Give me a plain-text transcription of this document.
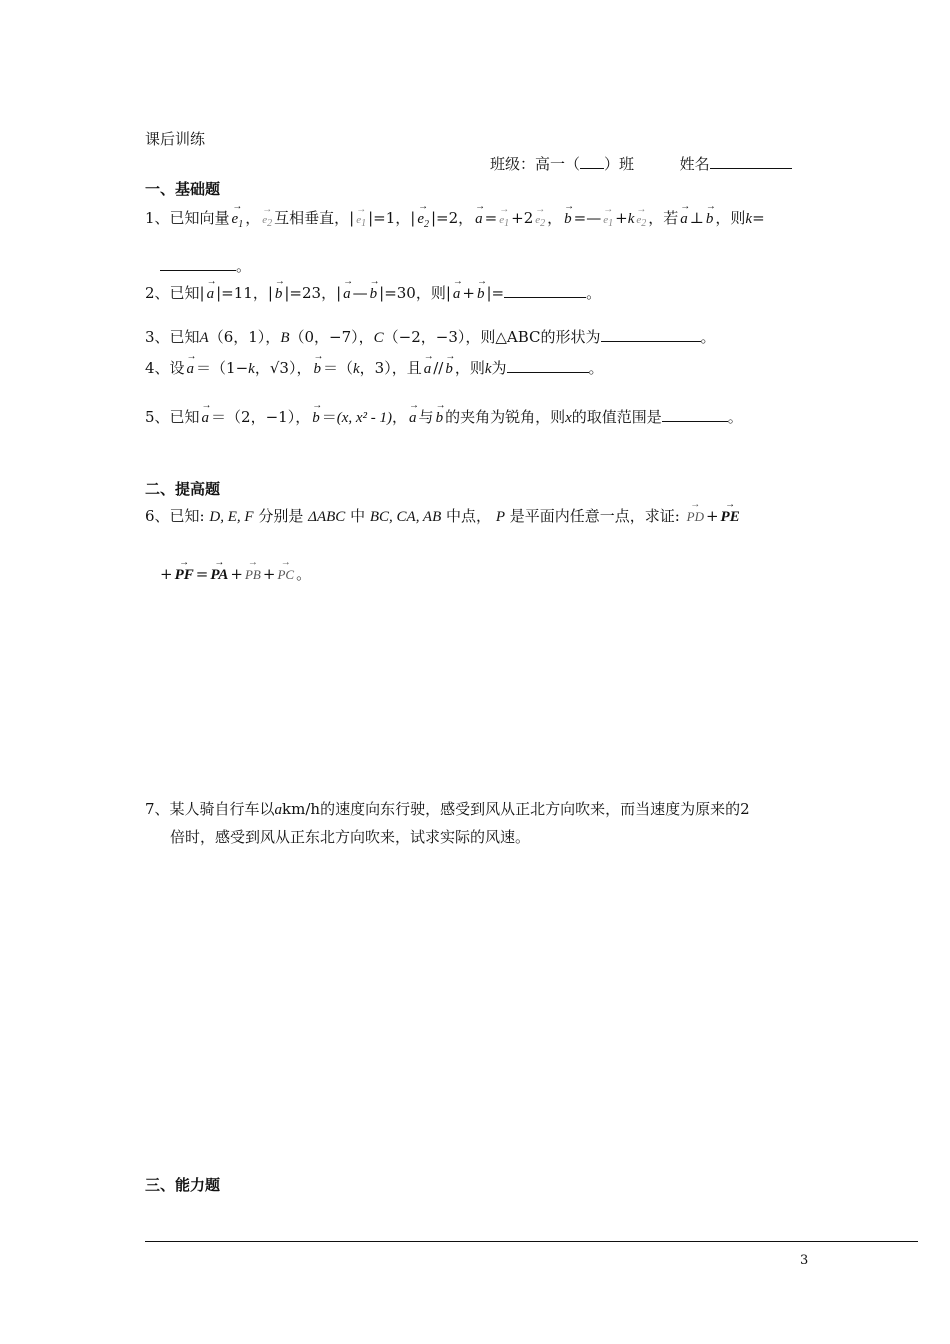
课后训练
班级：高一（ ）班	姓名
一、基础题
1、已知向量 → $e_1$ ， → e2 互相垂直，| → e1 |=1，| → $e_2$ |=2， → a = → e1 +2 → e2 ， → b =— → e1 +k → e2 ，若 → a ⊥ → b ，则k=
。
2、已知| → a |=11，| → b |=23，| → a — → b |=30，则| → a + → b |=	。
3、已知A（6，1），B（0，−7），C（−2，−3），则△ABC的形状为	。
4、设 → a ＝（1−k，√3）， → b ＝（k，3），且 → a // → b ，则k为	。
5、已知 → a ＝（2，−1）， → b ＝(x, x² - 1)， → a 与 → b 的夹角为锐角，则x的取值范围是	。
二、提高题
6、已知: D, E, F 分别是 ΔABC 中 BC, CA, AB 中点， P 是平面内任意一点，求证: → PD + → PE
+ → PF = → PA + → PB + → PC 。
7、某人骑自行车以akm/h的速度向东行驶，感受到风从正北方向吹来，而当速度为原来的2
倍时，感受到风从正东北方向吹来，试求实际的风速。
三、能力题
3
